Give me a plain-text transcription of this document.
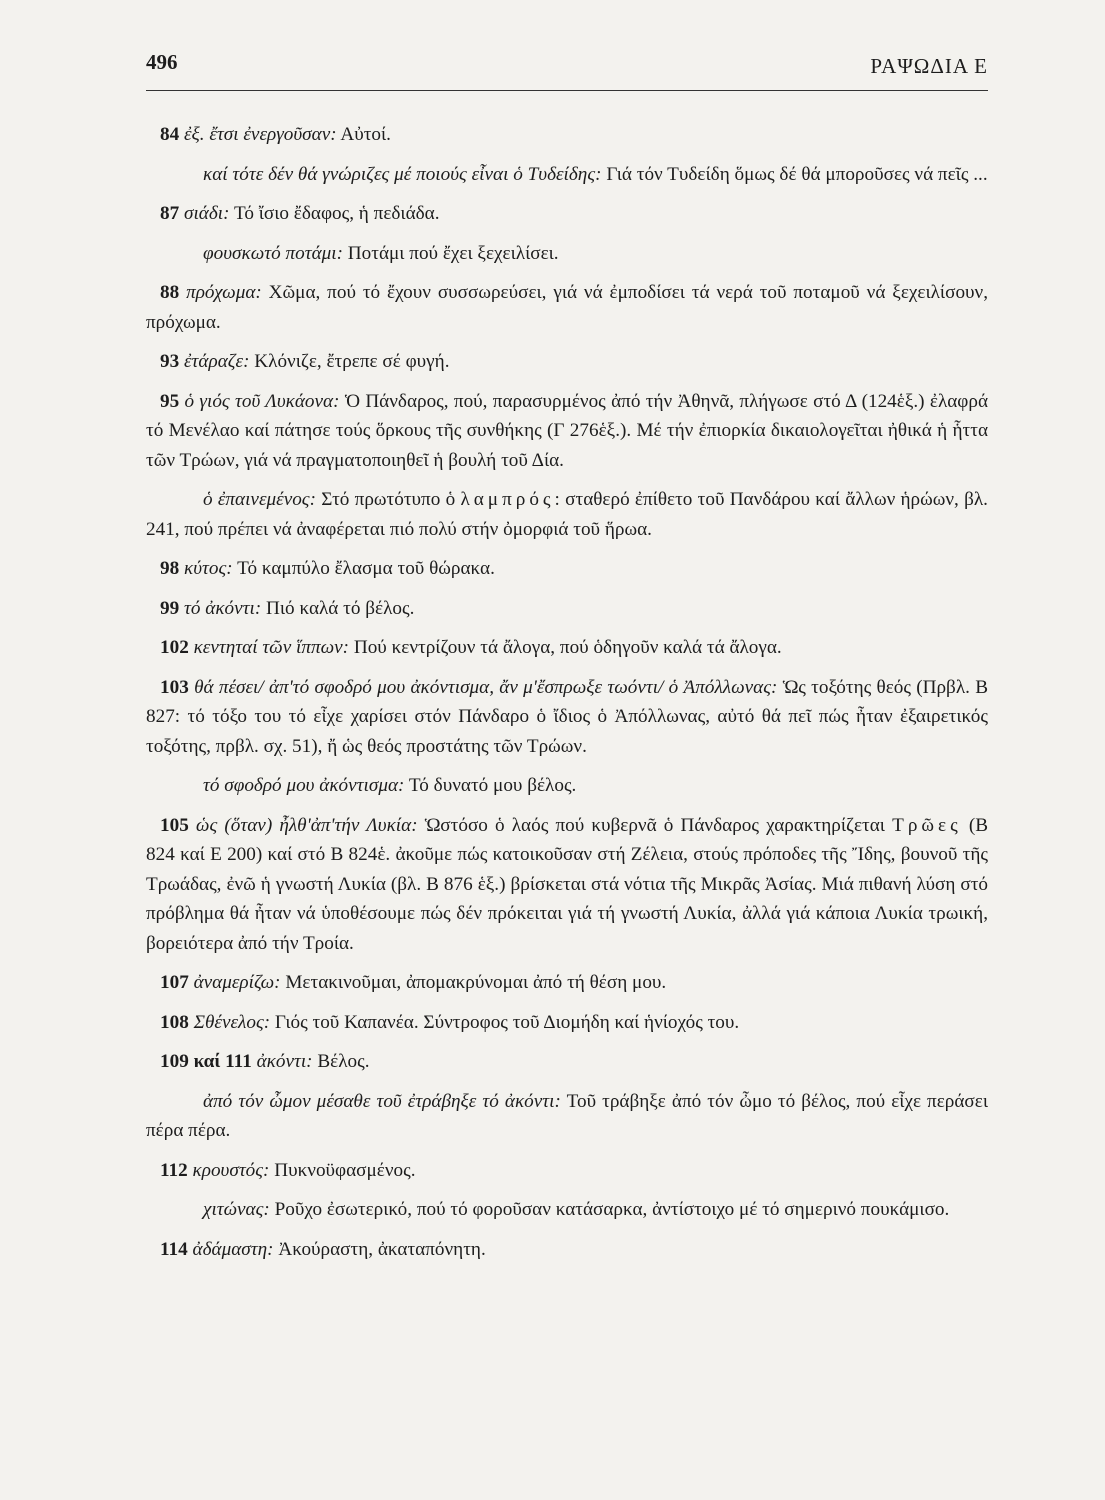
496	ΡΑΨΩΔΙΑ Ε

84 ἐξ. ἔτσι ἐνεργοῦσαν: Αὐτοί.

καί τότε δέν θά γνώριζες μέ ποιούς εἶναι ὁ Τυδείδης: Γιά τόν Τυδείδη ὅμως δέ θά μποροῦσες νά πεῖς ...

87 σιάδι: Τό ἴσιο ἔδαφος, ἡ πεδιάδα.

φουσκωτό ποτάμι: Ποτάμι πού ἔχει ξεχειλίσει.

88 πρόχωμα: Χῶμα, πού τό ἔχουν συσσωρεύσει, γιά νά ἐμποδίσει τά νερά τοῦ ποταμοῦ νά ξεχειλίσουν, πρόχωμα.

93 ἐτάραζε: Κλόνιζε, ἔτρεπε σέ φυγή.

95 ὁ γιός τοῦ Λυκάονα: Ὁ Πάνδαρος, πού, παρασυρμένος ἀπό τήν Ἀθηνᾶ, πλήγωσε στό Δ (124ἑξ.) ἐλαφρά τό Μενέλαο καί πάτησε τούς ὅρκους τῆς συνθήκης (Γ 276ἑξ.). Μέ τήν ἐπιορκία δικαιολογεῖται ἠθικά ἡ ἧττα τῶν Τρώων, γιά νά πραγματοποιηθεῖ ἡ βουλή τοῦ Δία.

ὁ ἐπαινεμένος: Στό πρωτότυπο ὁ λαμπρός: σταθερό ἐπίθετο τοῦ Πανδάρου καί ἄλλων ἡρώων, βλ. 241, πού πρέπει νά ἀναφέρεται πιό πολύ στήν ὀμορφιά τοῦ ἥρωα.

98 κύτος: Τό καμπύλο ἔλασμα τοῦ θώρακα.

99 τό ἀκόντι: Πιό καλά τό βέλος.

102 κεντηταί τῶν ἵππων: Πού κεντρίζουν τά ἄλογα, πού ὁδηγοῦν καλά τά ἄλογα.

103 θά πέσει/ ἀπ'τό σφοδρό μου ἀκόντισμα, ἄν μ'ἔσπρωξε τωόντι/ ὁ Ἀπόλλωνας: Ὡς τοξότης θεός (Πρβλ. Β 827: τό τόξο του τό εἶχε χαρίσει στόν Πάνδαρο ὁ ἴδιος ὁ Ἀπόλλωνας, αὐτό θά πεῖ πώς ἦταν ἐξαιρετικός τοξότης, πρβλ. σχ. 51), ἤ ὡς θεός προστάτης τῶν Τρώων.

τό σφοδρό μου ἀκόντισμα: Τό δυνατό μου βέλος.

105 ὡς (ὅταν) ἦλθ'ἀπ'τήν Λυκία: Ὡστόσο ὁ λαός πού κυβερνᾶ ὁ Πάνδαρος χαρακτηρίζεται Τρῶες (Β 824 καί Ε 200) καί στό Β 824ἑ. ἀκοῦμε πώς κατοικοῦσαν στή Ζέλεια, στούς πρόποδες τῆς Ἴδης, βουνοῦ τῆς Τρωάδας, ἐνῶ ἡ γνωστή Λυκία (βλ. Β 876 ἑξ.) βρίσκεται στά νότια τῆς Μικρᾶς Ἀσίας. Μιά πιθανή λύση στό πρόβλημα θά ἦταν νά ὑποθέσουμε πώς δέν πρόκειται γιά τή γνωστή Λυκία, ἀλλά γιά κάποια Λυκία τρωική, βορειότερα ἀπό τήν Τροία.

107 ἀναμερίζω: Μετακινοῦμαι, ἀπομακρύνομαι ἀπό τή θέση μου.

108 Σθένελος: Γιός τοῦ Καπανέα. Σύντροφος τοῦ Διομήδη καί ἡνίοχός του.

109 καί 111 ἀκόντι: Βέλος.

ἀπό τόν ὦμον μέσαθε τοῦ ἐτράβηξε τό ἀκόντι: Τοῦ τράβηξε ἀπό τόν ὦμο τό βέλος, πού εἶχε περάσει πέρα πέρα.

112 κρουστός: Πυκνοϋφασμένος.

χιτώνας: Ροῦχο ἐσωτερικό, πού τό φοροῦσαν κατάσαρκα, ἀντίστοιχο μέ τό σημερινό πουκάμισο.

114 ἀδάμαστη: Ἀκούραστη, ἀκαταπόνητη.
